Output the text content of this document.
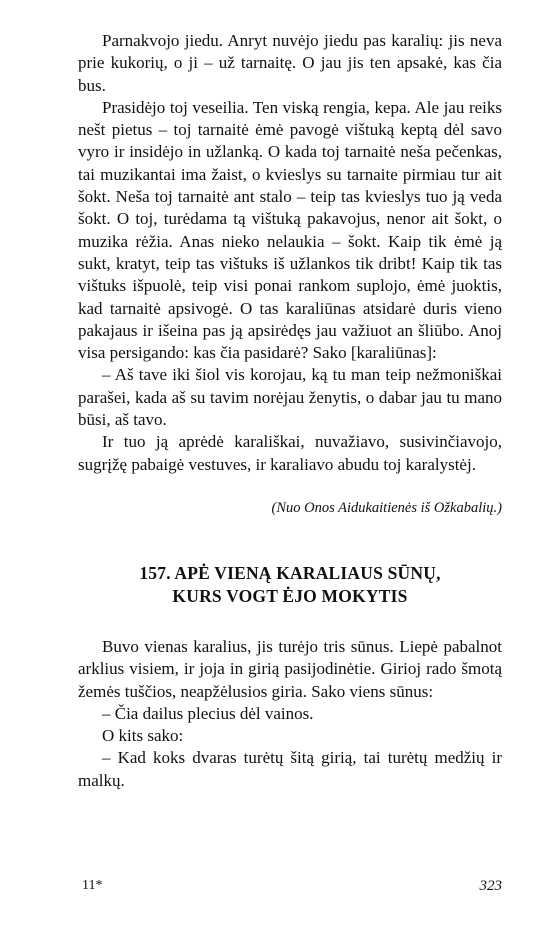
Parnakvojo jiedu. Anryt nuvėjo jiedu pas karalių: jis neva prie kukorių, o ji – už tarnaitę. O jau jis ten apsakė, kas čia bus.

Prasidėjo toj veseilia. Ten viską rengia, kepa. Ale jau reiks nešt pietus – toj tarnaitė ėmė pavogė vištuką keptą dėl savo vyro ir insidėjo in užlanką. O kada toj tarnaitė neša pečenkas, tai muzikantai ima žaist, o kvieslys su tarnaite pirmiau tur ait šokt. Neša toj tarnaitė ant stalo – teip tas kvieslys tuo ją veda šokt. O toj, turėdama tą vištuką pakavojus, nenor ait šokt, o muzika rėžia. Anas nieko nelaukia – šokt. Kaip tik ėmė ją sukt, kratyt, teip tas vištuks iš užlankos tik dribt! Kaip tik tas vištuks išpuolė, teip visi ponai rankom suplojo, ėmė juoktis, kad tarnaitė apsivogė. O tas karaliūnas atsidarė duris vieno pakajaus ir išeina pas ją apsirėdęs jau važiuot an šliūbo. Anoj visa persigando: kas čia pasidarė? Sako [karaliūnas]:

– Aš tave iki šiol vis korojau, ką tu man teip nežmoniškai parašei, kada aš su tavim norėjau ženytis, o dabar jau tu mano būsi, aš tavo.

Ir tuo ją aprėdė karališkai, nuvažiavo, susivinčiavojo, sugrįžę pabaigė vestuves, ir karaliavo abudu toj karalystėj.

(Nuo Onos Aidukaitienės iš Ožkabalių.)

157. APĖ VIENĄ KARALIAUS SŪNŲ,
KURS VOGT ĖJO MOKYTIS

Buvo vienas karalius, jis turėjo tris sūnus. Liepė pabalnot arklius visiem, ir joja in girią pasijodinėtie. Girioj rado šmotą žemės tuščios, neapžėlusios giria. Sako viens sūnus:

– Čia dailus plecius dėl vainos.

O kits sako:

– Kad koks dvaras turėtų šitą girią, tai turėtų medžių ir malkų.

11*	323
